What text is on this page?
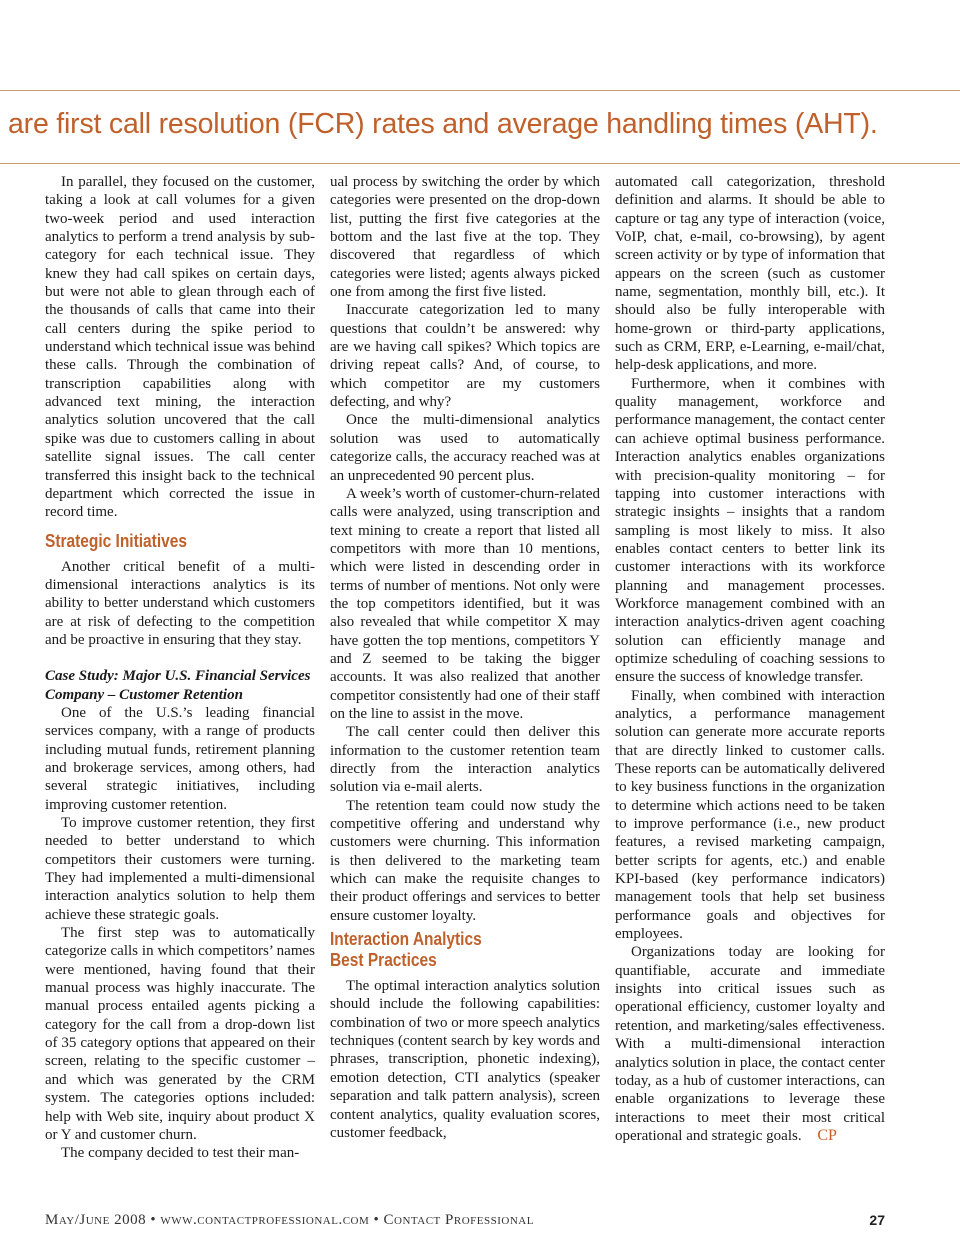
are first call resolution (FCR) rates and average handling times (AHT).

In parallel, they focused on the customer, taking a look at call volumes for a given two-week period and used interaction analytics to perform a trend analysis by sub-category for each technical issue. They knew they had call spikes on certain days, but were not able to glean through each of the thousands of calls that came into their call centers during the spike period to understand which technical issue was behind these calls. Through the combination of transcription capabilities along with advanced text mining, the interaction analytics solution uncovered that the call spike was due to customers calling in about satellite signal issues. The call center transferred this insight back to the technical department which corrected the issue in record time.

Strategic Initiatives

Another critical benefit of a multi-dimensional interactions analytics is its ability to better understand which customers are at risk of defecting to the competition and be proactive in ensuring that they stay.

Case Study: Major U.S. Financial Services Company – Customer Retention

One of the U.S.’s leading financial services company, with a range of products including mutual funds, retirement planning and brokerage services, among others, had several strategic initiatives, including improving customer retention.

To improve customer retention, they first needed to better understand to which competitors their customers were turning. They had implemented a multi-dimensional interaction analytics solution to help them achieve these strategic goals.

The first step was to automatically categorize calls in which competitors’ names were mentioned, having found that their manual process was highly inaccurate. The manual process entailed agents picking a category for the call from a drop-down list of 35 category options that appeared on their screen, relating to the specific customer – and which was generated by the CRM system. The categories options included: help with Web site, inquiry about product X or Y and customer churn.

The company decided to test their man-

ual process by switching the order by which categories were presented on the drop-down list, putting the first five categories at the bottom and the last five at the top. They discovered that regardless of which categories were listed; agents always picked one from among the first five listed.

Inaccurate categorization led to many questions that couldn’t be answered: why are we having call spikes? Which topics are driving repeat calls? And, of course, to which competitor are my customers defecting, and why?

Once the multi-dimensional analytics solution was used to automatically categorize calls, the accuracy reached was at an unprecedented 90 percent plus.

A week’s worth of customer-churn-related calls were analyzed, using transcription and text mining to create a report that listed all competitors with more than 10 mentions, which were listed in descending order in terms of number of mentions. Not only were the top competitors identified, but it was also revealed that while competitor X may have gotten the top mentions, competitors Y and Z seemed to be taking the bigger accounts. It was also realized that another competitor consistently had one of their staff on the line to assist in the move.

The call center could then deliver this information to the customer retention team directly from the interaction analytics solution via e-mail alerts.

The retention team could now study the competitive offering and understand why customers were churning. This information is then delivered to the marketing team which can make the requisite changes to their product offerings and services to better ensure customer loyalty.

Interaction Analytics
Best Practices

The optimal interaction analytics solution should include the following capabilities: combination of two or more speech analytics techniques (content search by key words and phrases, transcription, phonetic indexing), emotion detection, CTI analytics (speaker separation and talk pattern analysis), screen content analytics, quality evaluation scores, customer feedback,

automated call categorization, threshold definition and alarms. It should be able to capture or tag any type of interaction (voice, VoIP, chat, e-mail, co-browsing), by agent screen activity or by type of information that appears on the screen (such as customer name, segmentation, monthly bill, etc.). It should also be fully interoperable with home-grown or third-party applications, such as CRM, ERP, e-Learning, e-mail/chat, help-desk applications, and more.

Furthermore, when it combines with quality management, workforce and performance management, the contact center can achieve optimal business performance. Interaction analytics enables organizations with precision-quality monitoring – for tapping into customer interactions with strategic insights – insights that a random sampling is most likely to miss. It also enables contact centers to better link its customer interactions with its workforce planning and management processes. Workforce management combined with an interaction analytics-driven agent coaching solution can efficiently manage and optimize scheduling of coaching sessions to ensure the success of knowledge transfer.

Finally, when combined with interaction analytics, a performance management solution can generate more accurate reports that are directly linked to customer calls. These reports can be automatically delivered to key business functions in the organization to determine which actions need to be taken to improve performance (i.e., new product features, a revised marketing campaign, better scripts for agents, etc.) and enable KPI-based (key performance indicators) management tools that help set business performance goals and objectives for employees.

Organizations today are looking for quantifiable, accurate and immediate insights into critical issues such as operational efficiency, customer loyalty and retention, and marketing/sales effectiveness. With a multi-dimensional interaction analytics solution in place, the contact center today, as a hub of customer interactions, can enable organizations to leverage these interactions to meet their most critical operational and strategic goals. CP

May/June 2008 • www.contactprofessional.com • Contact Professional	27
